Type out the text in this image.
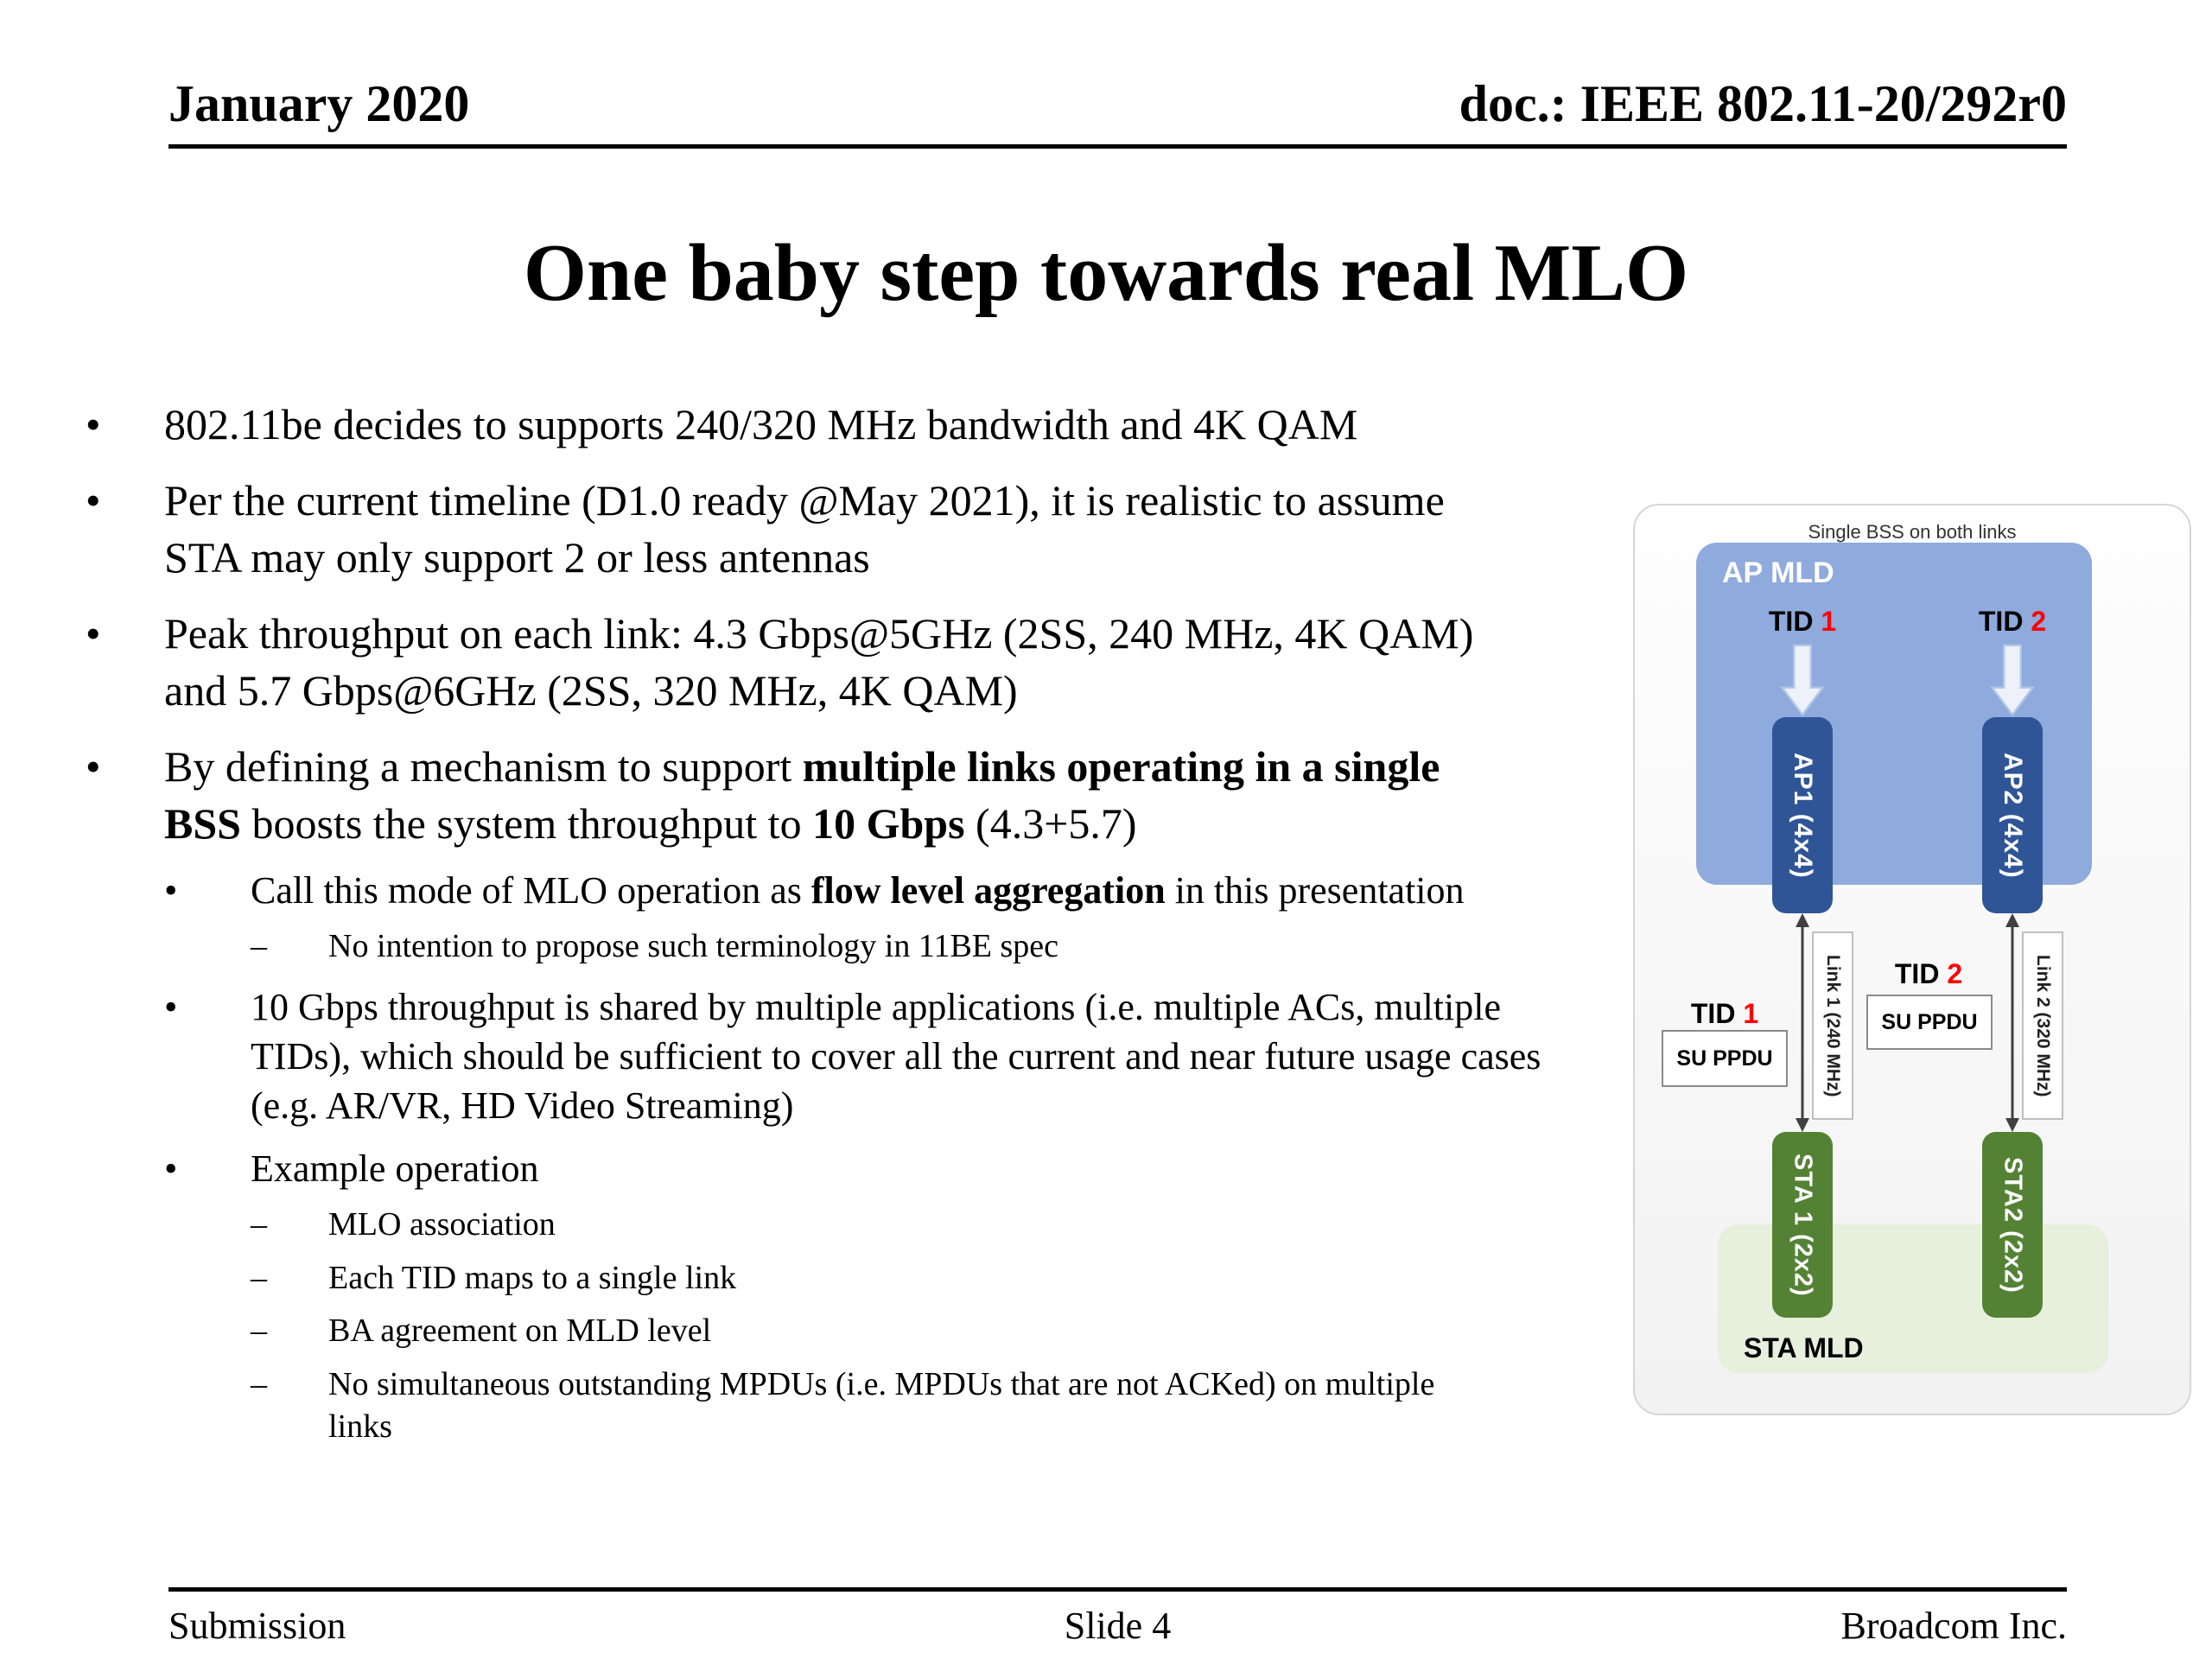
January 2020	doc.: IEEE 802.11-20/292r0
One baby step towards real MLO
•	802.11be decides to supports 240/320 MHz bandwidth and 4K QAM
•	Per the current timeline (D1.0 ready @May 2021), it is realistic to assume STA may only support 2 or less antennas
•	Peak throughput on each link: 4.3 Gbps@5GHz (2SS, 240 MHz, 4K QAM) and 5.7 Gbps@6GHz (2SS, 320 MHz, 4K QAM)
•	By defining a mechanism to support multiple links operating in a single BSS boosts the system throughput to 10 Gbps (4.3+5.7)
•	Call this mode of MLO operation as flow level aggregation in this presentation
–	No intention to propose such terminology in 11BE spec
•	10 Gbps throughput is shared by multiple applications (i.e. multiple ACs, multiple TIDs), which should be sufficient to cover all the current and near future usage cases (e.g. AR/VR, HD Video Streaming)
•	Example operation
–	MLO association
–	Each TID maps to a single link
–	BA agreement on MLD level
–	No simultaneous outstanding MPDUs (i.e. MPDUs that are not ACKed) on multiple links
Single BSS on both links
AP MLD
TID 1	TID 2
AP1 (4x4)	AP2 (4x4)
Link 1 (240 MHz)	Link 2 (320 MHz)
TID 1
TID 2
SU PPDU
SU PPDU
STA MLD
STA 1 (2x2)	STA2 (2x2)
Submission	Slide 4	Broadcom Inc.
